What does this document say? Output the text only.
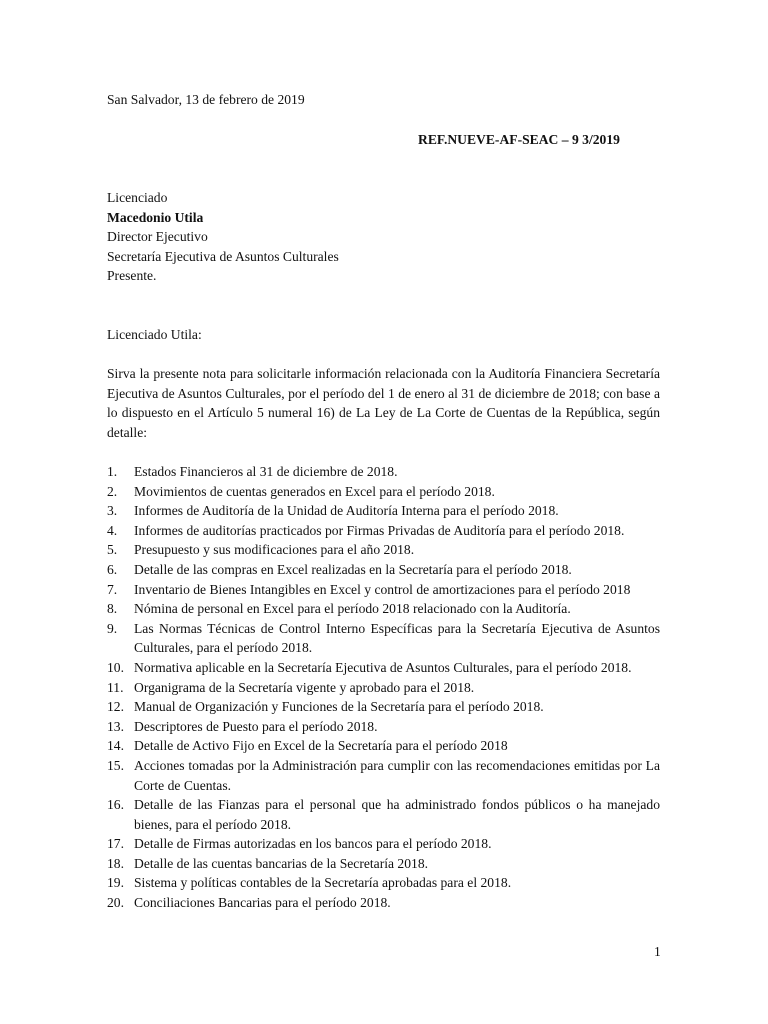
San Salvador, 13 de febrero de 2019
REF.NUEVE-AF-SEAC – 9 3/2019
Licenciado
Macedonio Utila
Director Ejecutivo
Secretaría Ejecutiva de Asuntos Culturales
Presente.
Licenciado Utila:
Sirva la presente nota para solicitarle información relacionada con la Auditoría Financiera Secretaría Ejecutiva de Asuntos Culturales, por el período del 1 de enero al 31 de diciembre de 2018; con base a lo dispuesto en el Artículo 5 numeral 16) de La Ley de La Corte de Cuentas de la República, según detalle:
1. Estados Financieros al 31 de diciembre de 2018.
2. Movimientos de cuentas generados en Excel para el período 2018.
3. Informes de Auditoría de la Unidad de Auditoría Interna para el período 2018.
4. Informes de auditorías practicados por Firmas Privadas de Auditoría para el período 2018.
5. Presupuesto y sus modificaciones para el año 2018.
6. Detalle de las compras en Excel realizadas en la Secretaría para el período 2018.
7. Inventario de Bienes Intangibles en Excel y control de amortizaciones para el período 2018
8. Nómina de personal en Excel para el período 2018 relacionado con la Auditoría.
9. Las Normas Técnicas de Control Interno Específicas para la Secretaría Ejecutiva de Asuntos Culturales, para el período 2018.
10. Normativa aplicable en la Secretaría Ejecutiva de Asuntos Culturales, para el período 2018.
11. Organigrama de la Secretaría vigente y aprobado para el 2018.
12. Manual de Organización y Funciones de la Secretaría para el período 2018.
13. Descriptores de Puesto para el período 2018.
14. Detalle de Activo Fijo en Excel de la Secretaría para el período 2018
15. Acciones tomadas por la Administración para cumplir con las recomendaciones emitidas por La Corte de Cuentas.
16. Detalle de las Fianzas para el personal que ha administrado fondos públicos o ha manejado bienes, para el período 2018.
17. Detalle de Firmas autorizadas en los bancos para el período 2018.
18. Detalle de las cuentas bancarias de la Secretaría 2018.
19. Sistema y políticas contables de la Secretaría aprobadas para el 2018.
20. Conciliaciones Bancarias para el período 2018.
1
